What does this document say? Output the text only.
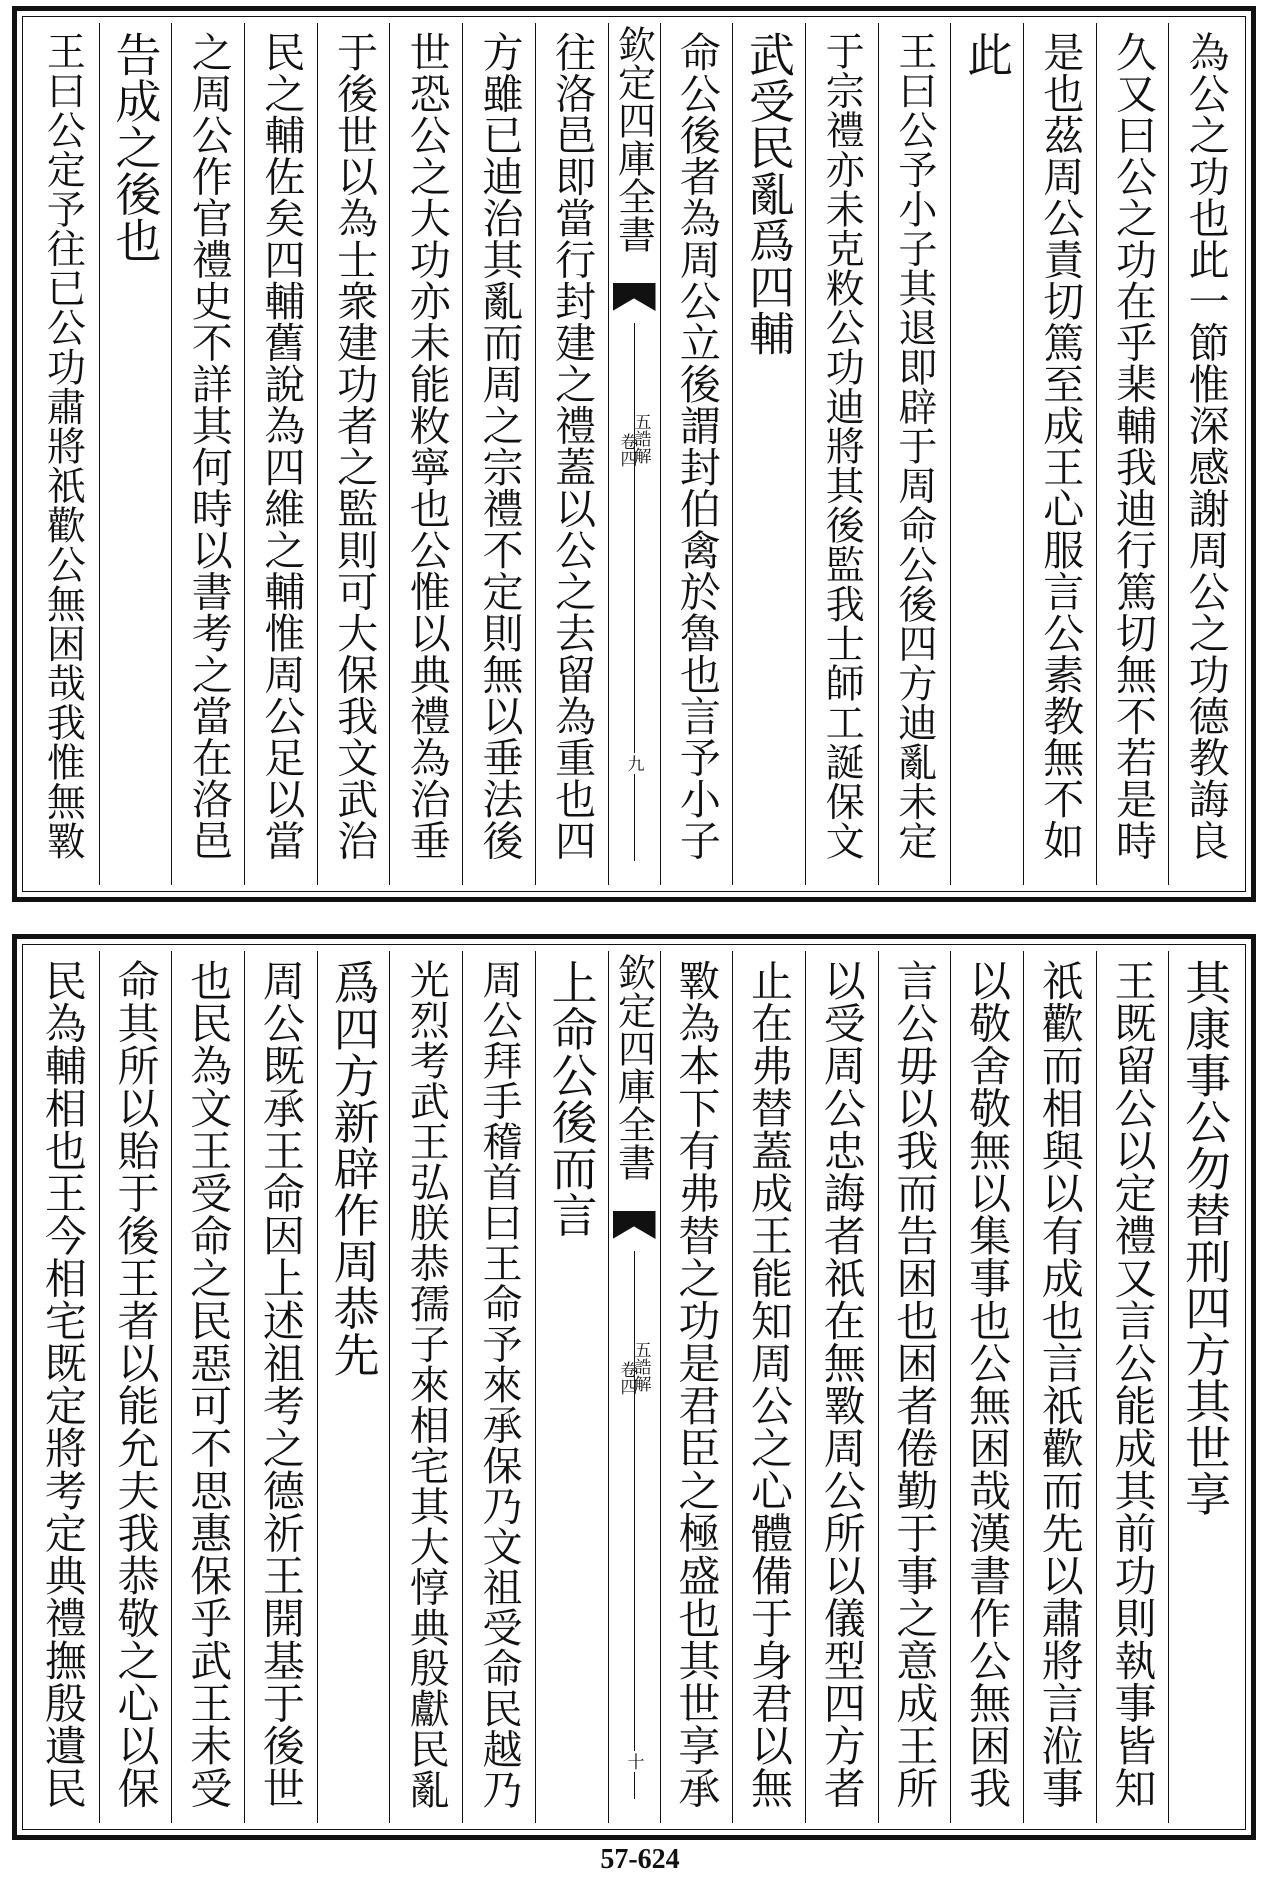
為公之功也此一節惟深感謝周公之功德教誨良
久又曰公之功在乎棐輔我迪行篤切無不若是時
是也茲周公責切篤至成王心服言公素教無不如
此
王曰公予小子其退即辟于周命公後四方迪亂未定
于宗禮亦未克敉公功迪將其後監我士師工誕保文
武受民亂爲四輔
命公後者為周公立後謂封伯禽於魯也言予小子
欽定四庫全書
五誥解
卷四
九
往洛邑即當行封建之禮蓋以公之去留為重也四
方雖已迪治其亂而周之宗禮不定則無以垂法後
世恐公之大功亦未能敉寧也公惟以典禮為治垂
于後世以為士衆建功者之監則可大保我文武治
民之輔佐矣四輔舊說為四維之輔惟周公足以當
之周公作官禮史不詳其何時以書考之當在洛邑
告成之後也
王曰公定予往已公功肅將祇歡公無困哉我惟無斁
其康事公勿替刑四方其世享
王既留公以定禮又言公能成其前功則執事皆知
祇歡而相與以有成也言祇歡而先以肅將言涖事
以敬舍敬無以集事也公無困哉漢書作公無困我
言公毋以我而告困也困者倦勤于事之意成王所
以受周公忠誨者祇在無斁周公所以儀型四方者
止在弗替蓋成王能知周公之心體備于身君以無
斁為本下有弗替之功是君臣之極盛也其世享承
欽定四庫全書
五誥解
卷四
十
上命公後而言
周公拜手稽首曰王命予來承保乃文祖受命民越乃
光烈考武王弘朕恭孺子來相宅其大惇典殷獻民亂
爲四方新辟作周恭先
周公既承王命因上述祖考之德祈王開基于後世
也民為文王受命之民惡可不思惠保乎武王未受
命其所以貽于後王者以能允夫我恭敬之心以保
民為輔相也王今相宅既定將考定典禮撫殷遺民
57-624
